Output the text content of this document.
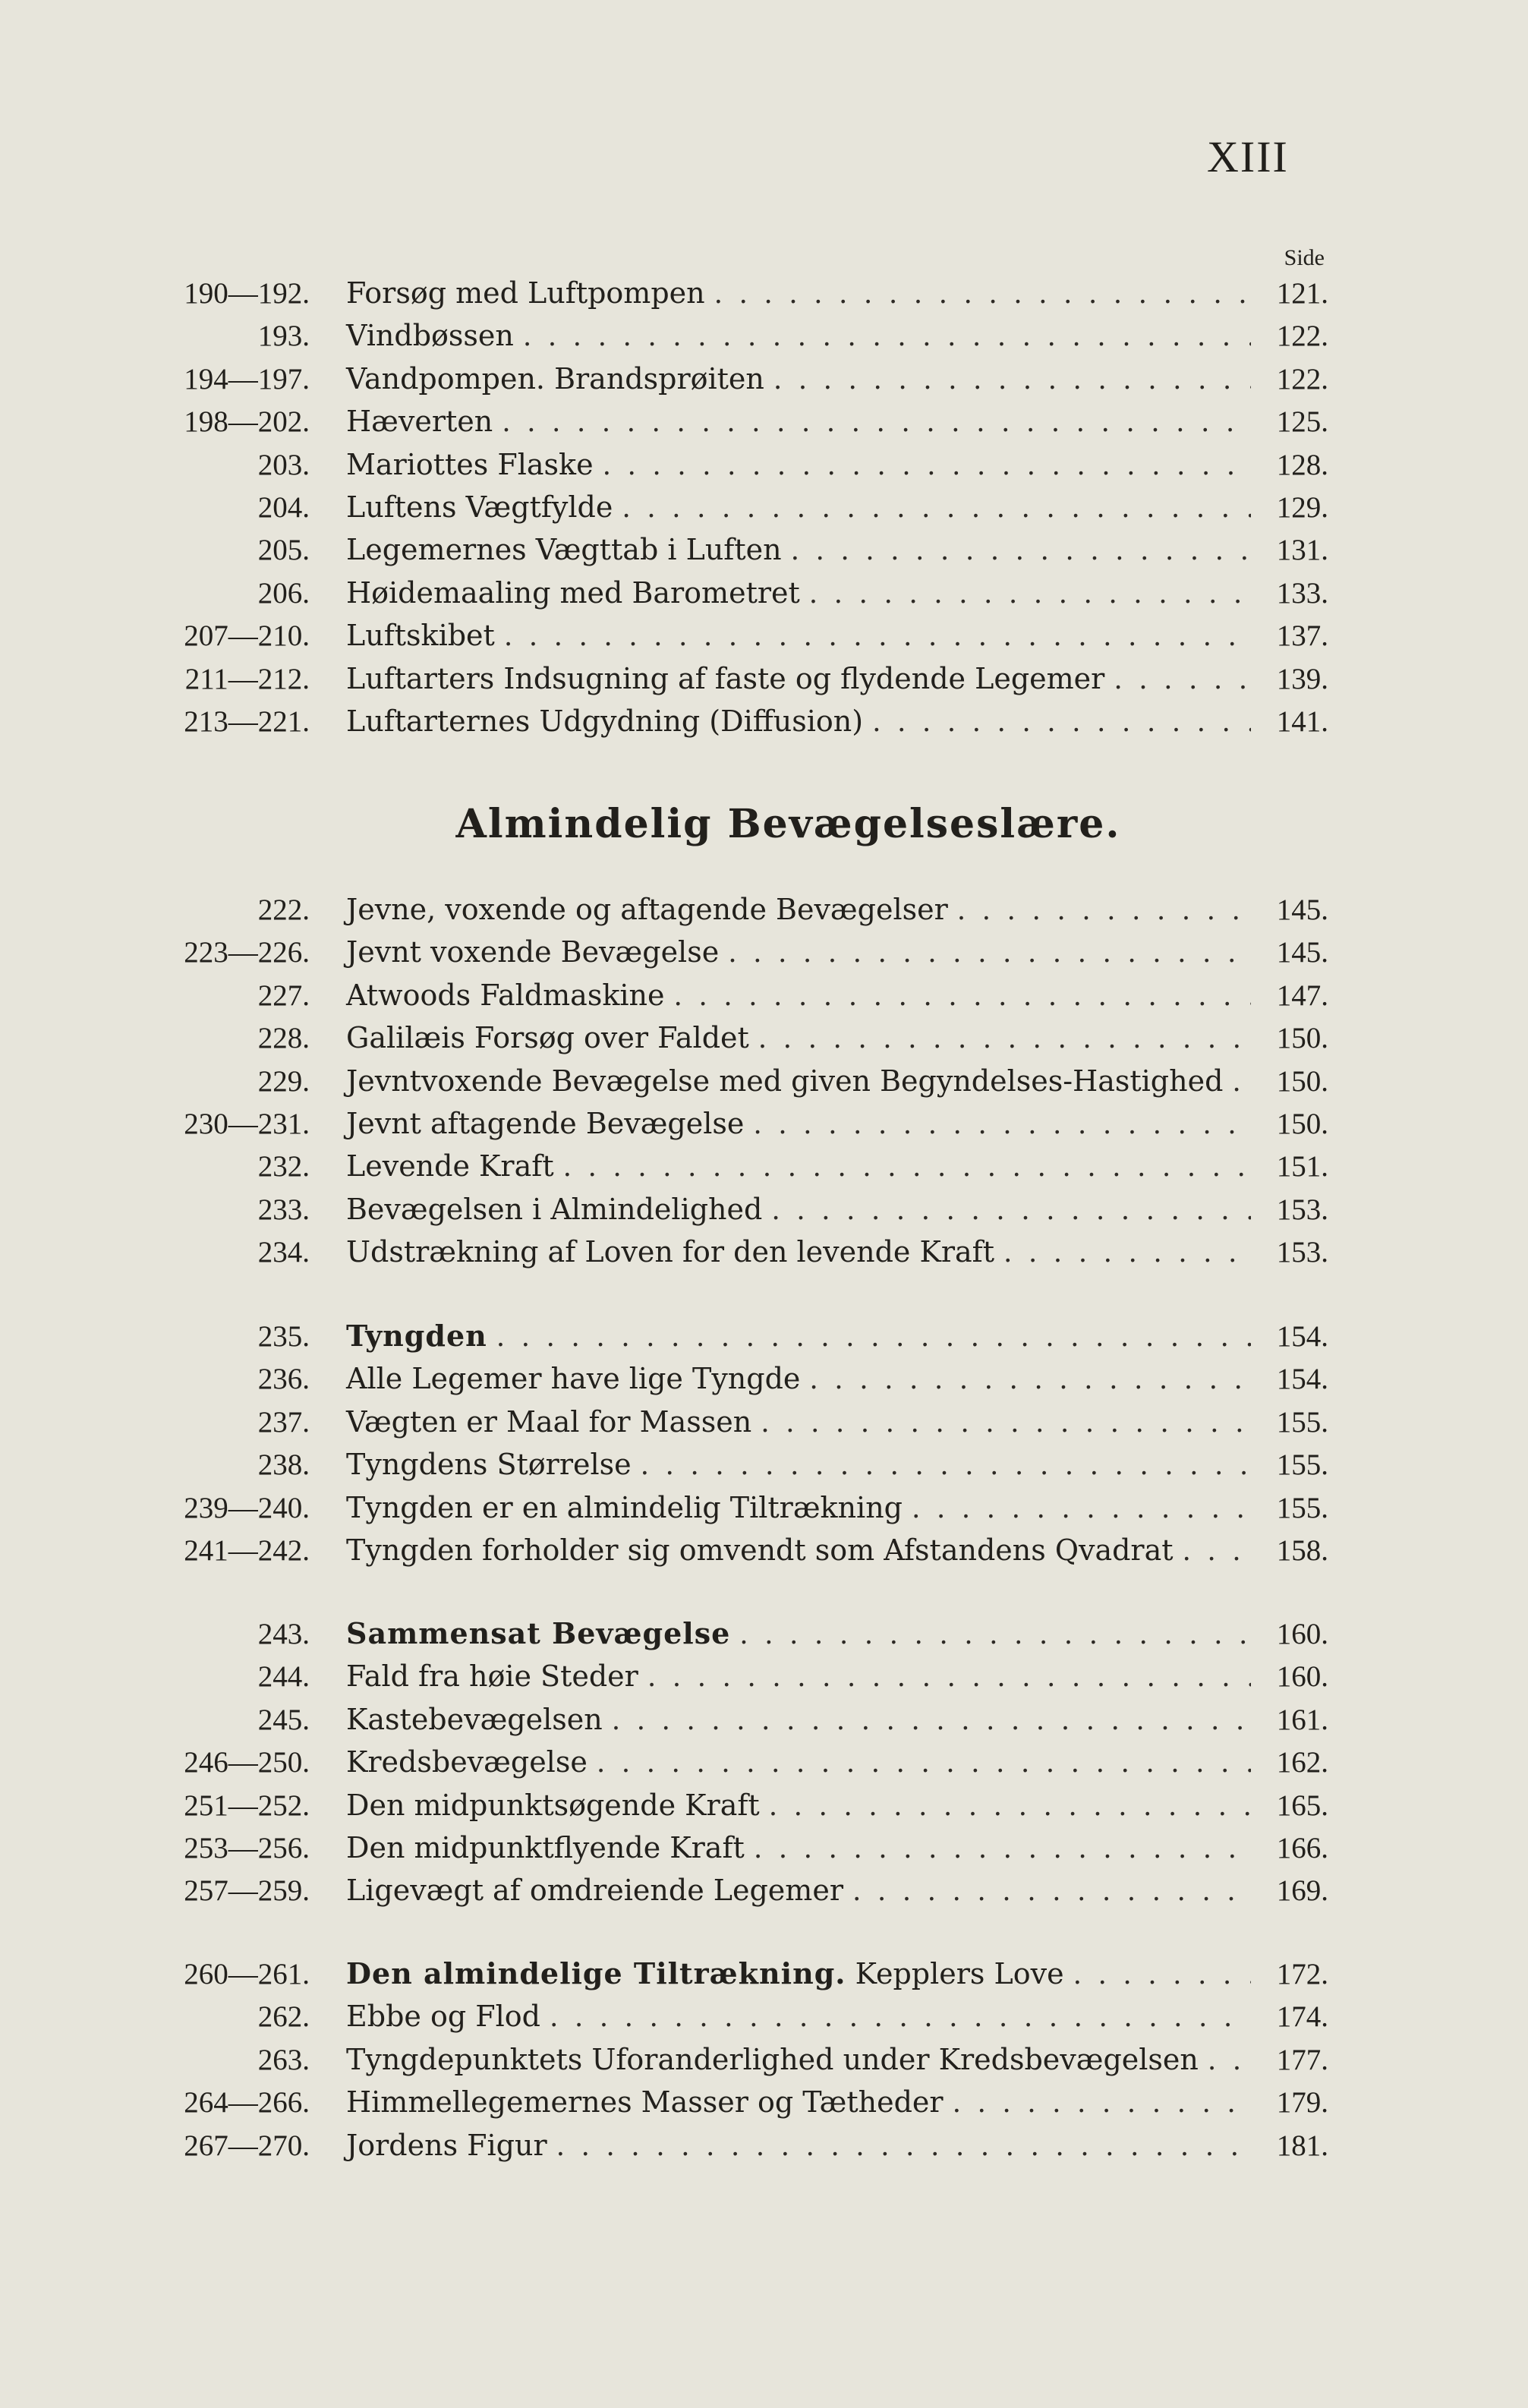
XIII
Side
190—192. Forsøg med Luftpompen . . .	121.
193. Vindbøssen . . .	122.
194—197. Vandpompen. Brandsprøiten . . .	122.
198—202. Hæverten . . .	125.
203. Mariottes Flaske . . .	128.
204. Luftens Vægtfylde . . .	129.
205. Legemernes Vægttab i Luften . . .	131.
206. Høidemaaling med Barometret . . .	133.
207—210. Luftskibet . . .	137.
211—212. Luftarters Indsugning af faste og flydende Legemer . . .	139.
213—221. Luftarternes Udgydning (Diffusion) . . .	141.
Almindelig Bevægelseslære.
222. Jevne, voxende og aftagende Bevægelser . . .	145.
223—226. Jevnt voxende Bevægelse . . .	145.
227. Atwoods Faldmaskine . . .	147.
228. Galilæis Forsøg over Faldet . . .	150.
229. Jevntvoxende Bevægelse med given Begyndelses-Hastighed . . .	150.
230—231. Jevnt aftagende Bevægelse . . .	150.
232. Levende Kraft . . .	151.
233. Bevægelsen i Almindelighed . . .	153.
234. Udstrækning af Loven for den levende Kraft . . .	153.
235. Tyngden . . .	154.
236. Alle Legemer have lige Tyngde . . .	154.
237. Vægten er Maal for Massen . . .	155.
238. Tyngdens Størrelse . . .	155.
239—240. Tyngden er en almindelig Tiltrækning . . .	155.
241—242. Tyngden forholder sig omvendt som Afstandens Qvadrat . . .	158.
243. Sammensat Bevægelse . . .	160.
244. Fald fra høie Steder . . .	160.
245. Kastebevægelsen . . .	161.
246—250. Kredsbevægelse . . .	162.
251—252. Den midpunktsøgende Kraft . . .	165.
253—256. Den midpunktflyende Kraft . . .	166.
257—259. Ligevægt af omdreiende Legemer . . .	169.
260—261. Den almindelige Tiltrækning. Kepplers Love . . .	172.
262. Ebbe og Flod . . .	174.
263. Tyngdepunktets Uforanderlighed under Kredsbevægelsen . . .	177.
264—266. Himmellegemernes Masser og Tætheder . . .	179.
267—270. Jordens Figur . . .	181.
